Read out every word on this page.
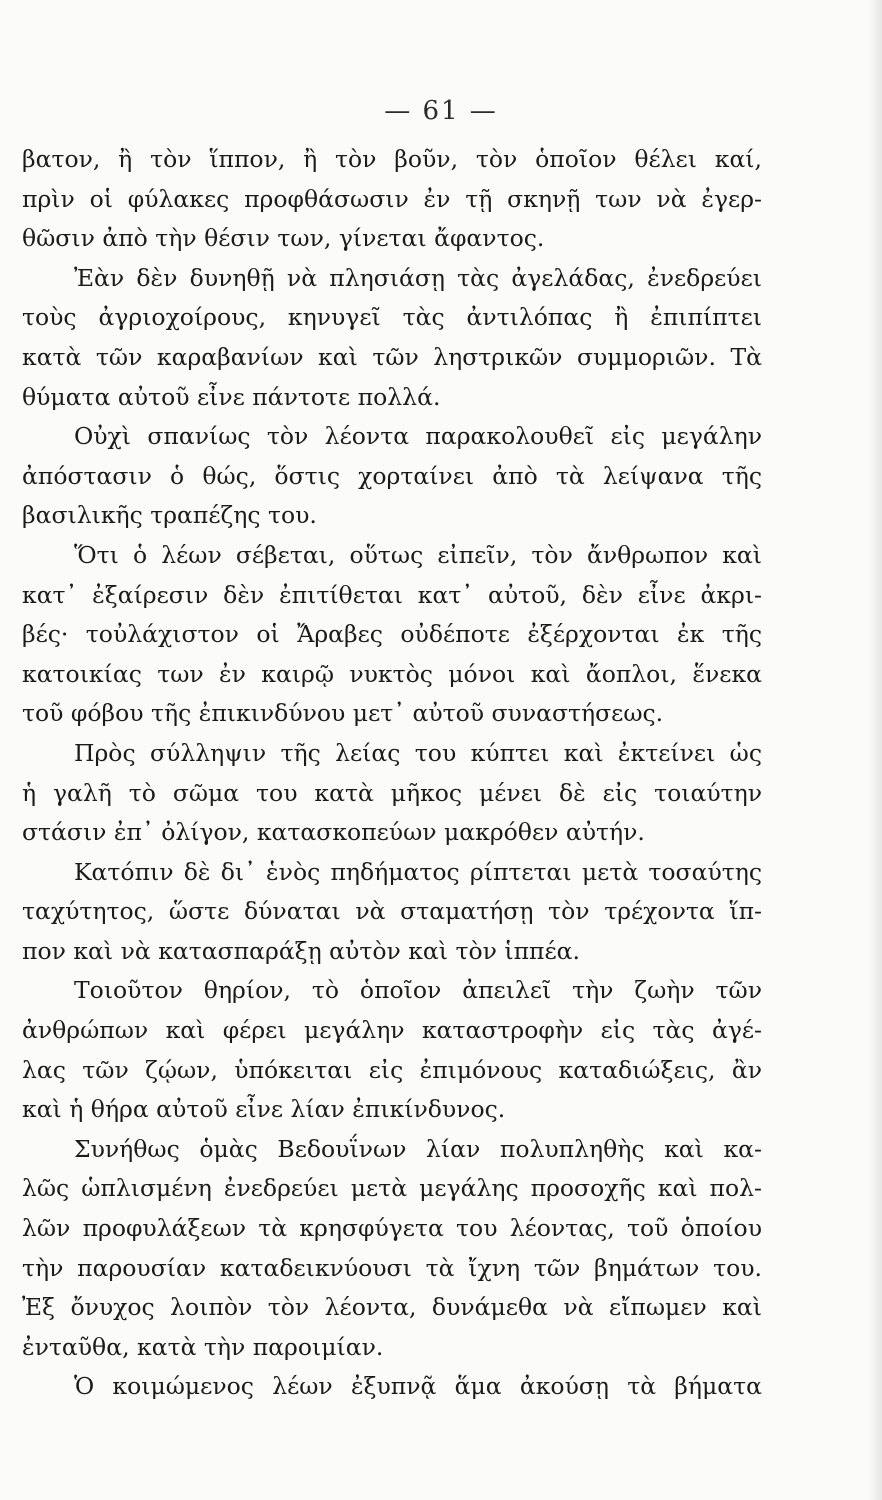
— 61 —
βατον, ἢ τὸν ἵππον, ἢ τὸν βοῦν, τὸν ὁποῖον θέλει καί,
πρὶν οἱ φύλακες προφθάσωσιν ἐν τῇ σκηνῇ των νὰ ἐγερ-
θῶσιν ἀπὸ τὴν θέσιν των, γίνεται ἄφαντος.
Ἐὰν δὲν δυνηθῇ νὰ πλησιάσῃ τὰς ἀγελάδας, ἐνεδρεύει
τοὺς ἀγριοχοίρους, κηνυγεῖ τὰς ἀντιλόπας ἢ ἐπιπίπτει
κατὰ τῶν καραβανίων καὶ τῶν ληστρικῶν συμμοριῶν. Τὰ
θύματα αὐτοῦ εἶνε πάντοτε πολλά.
Οὐχὶ σπανίως τὸν λέοντα παρακολουθεῖ εἰς μεγάλην
ἀπόστασιν ὁ θώς, ὅστις χορταίνει ἀπὸ τὰ λείψανα τῆς
βασιλικῆς τραπέζης του.
Ὅτι ὁ λέων σέβεται, οὕτως εἰπεῖν, τὸν ἄνθρωπον καὶ
κατ᾿ ἐξαίρεσιν δὲν ἐπιτίθεται κατ᾿ αὐτοῦ, δὲν εἶνε ἀκρι-
βές· τοὐλάχιστον οἱ Ἄραβες οὐδέποτε ἐξέρχονται ἐκ τῆς
κατοικίας των ἐν καιρῷ νυκτὸς μόνοι καὶ ἄοπλοι, ἕνεκα
τοῦ φόβου τῆς ἐπικινδύνου μετ᾿ αὐτοῦ συναστήσεως.
Πρὸς σύλληψιν τῆς λείας του κύπτει καὶ ἐκτείνει ὡς
ἡ γαλῆ τὸ σῶμα του κατὰ μῆκος μένει δὲ εἰς τοιαύτην
στάσιν ἐπ᾿ ὀλίγον, κατασκοπεύων μακρόθεν αὐτήν.
Κατόπιν δὲ δι᾿ ἑνὸς πηδήματος ρίπτεται μετὰ τοσαύτης
ταχύτητος, ὥστε δύναται νὰ σταματήσῃ τὸν τρέχοντα ἵπ-
πον καὶ νὰ κατασπαράξῃ αὐτὸν καὶ τὸν ἱππέα.
Τοιοῦτον θηρίον, τὸ ὁποῖον ἀπειλεῖ τὴν ζωὴν τῶν
ἀνθρώπων καὶ φέρει μεγάλην καταστροφὴν εἰς τὰς ἀγέ-
λας τῶν ζῴων, ὑπόκειται εἰς ἐπιμόνους καταδιώξεις, ἂν
καὶ ἡ θήρα αὐτοῦ εἶνε λίαν ἐπικίνδυνος.
Συνήθως ὁμὰς Βεδουΐνων λίαν πολυπληθὴς καὶ κα-
λῶς ὡπλισμένη ἐνεδρεύει μετὰ μεγάλης προσοχῆς καὶ πολ-
λῶν προφυλάξεων τὰ κρησφύγετα του λέοντας, τοῦ ὁποίου
τὴν παρουσίαν καταδεικνύουσι τὰ ἴχνη τῶν βημάτων του.
Ἐξ ὄνυχος λοιπὸν τὸν λέοντα, δυνάμεθα νὰ εἴπωμεν καὶ
ἐνταῦθα, κατὰ τὴν παροιμίαν.
Ὁ κοιμώμενος λέων ἐξυπνᾷ ἅμα ἀκούσῃ τὰ βήματα
